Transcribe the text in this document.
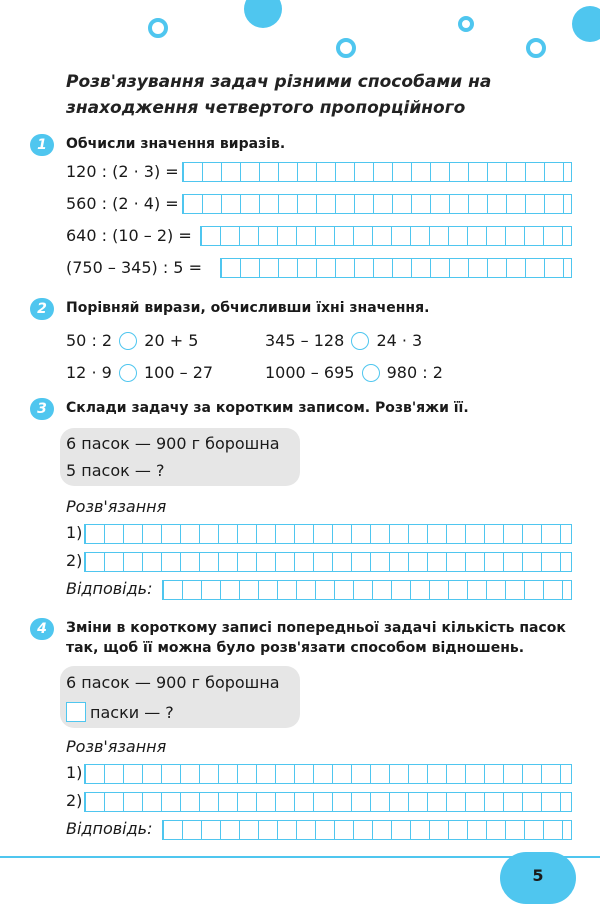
Розв'язування задач різними способами на
знаходження четвертого пропорційного
1	Обчисли значення виразів.
120 : (2 · 3) =
560 : (2 · 4) =
640 : (10 – 2) =
(750 – 345) : 5 =
2	Порівняй вирази, обчисливши їхні значення.
50 : 2 20 + 5	345 – 128 24 · 3
12 · 9 100 – 27	1000 – 695 980 : 2
3	Склади задачу за коротким записом. Розв'яжи її.
6 пасок — 900 г борошна
5 пасок — ?
Розв'язання
1)
2)
Відповідь:
4	Зміни в короткому записі попередньої задачі кількість пасок
так, щоб її можна було розв'язати способом відношень.
6 пасок — 900 г борошна
паски — ?
Розв'язання
1)
2)
Відповідь:
5
